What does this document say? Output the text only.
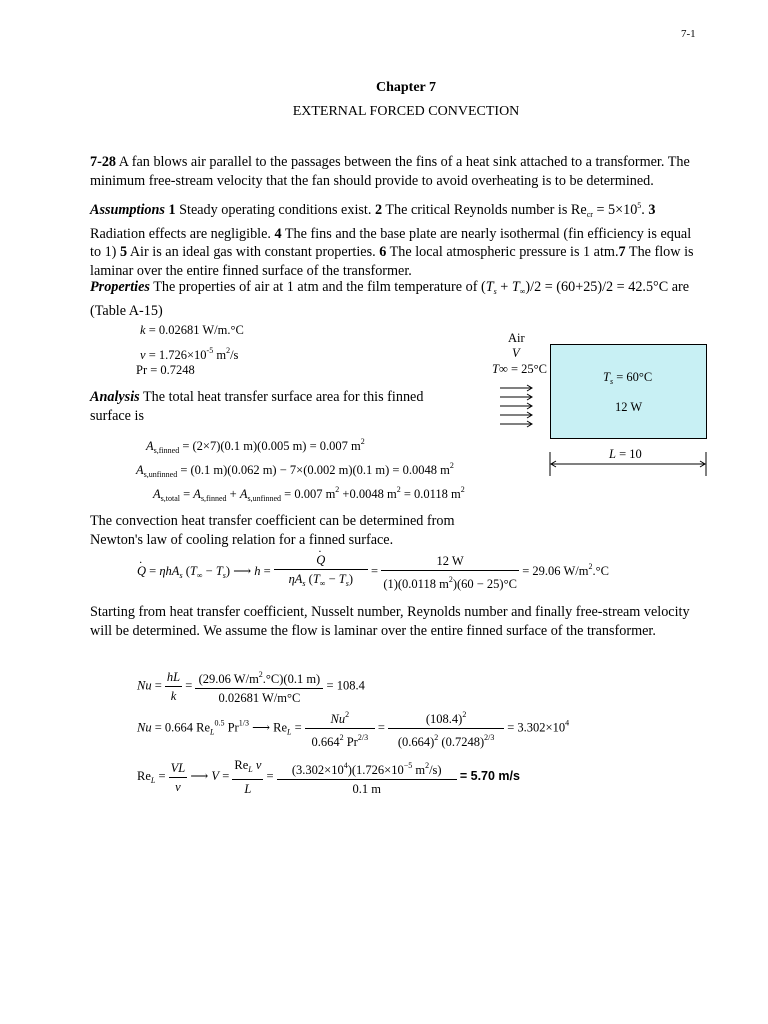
7-1
Chapter 7
EXTERNAL FORCED CONVECTION
7-28 A fan blows air parallel to the passages between the fins of a heat sink attached to a transformer. The minimum free-stream velocity that the fan should provide to avoid overheating is to be determined.
Assumptions 1 Steady operating conditions exist. 2 The critical Reynolds number is $Re_{cr} = 5\times 10^5$. 3 Radiation effects are negligible. 4 The fins and the base plate are nearly isothermal (fin efficiency is equal to 1) 5 Air is an ideal gas with constant properties. 6 The local atmospheric pressure is 1 atm.7 The flow is laminar over the entire finned surface of the transformer.
Properties The properties of air at 1 atm and the film temperature of $(T_s + T_\infty)/2 = (60+25)/2 = 42.5^\circ C$ are (Table A-15)
k = 0.02681 W/m.°C
$\nu = 1.726\times 10^{-5}$ $m^2/s$
Pr = 0.7248
Air
V
T∞ = 25°C
$T_s = 60^\circ C$
12 W
L = 10
Analysis The total heat transfer surface area for this finned surface is
$A_{s,finned} = (2\times 7)(0.1$ m)(0.005 m) = 0.007 $m^2$
$A_{s,unfinned} = (0.1$ m)(0.062 m) − 7×(0.002 m)(0.1 m) = 0.0048 $m^2$
$A_{s,total} = A_{s,finned} + A_{s,unfinned} = 0.007$ $m^2 +0.0048$ $m^2 = 0.0118$ $m^2$
The convection heat transfer coefficient can be determined from Newton's law of cooling relation for a finned surface.
Q · = ηhA$_s$ $(T_\infty - T_s)$ ⟶ $h = \frac{Q \cdot}{\eta A_s (T_\infty - T_s)} = \frac{12 W}{(1)(0.0118 m^2)(60 - 25)^\circ C} = 29.06$ $W/m^2.^\circ C$
Starting from heat transfer coefficient, Nusselt number, Reynolds number and finally free-stream velocity will be determined. We assume the flow is laminar over the entire finned surface of the transformer.
$Nu = \frac{hL}{k} = \frac{(29.06 W/m^2.^\circ C)(0.1 m)}{0.02681 W/m^\circ C} = 108.4$
Nu = 0.664 $Re_L^{0.5}$ $Pr^{1/3}$ ⟶ $Re_L = \frac{Nu^2}{0.664^2 Pr^{2/3}} = \frac{(108.4)^2}{(0.664)^2 (0.7248)^{2/3}} = 3.302\times 10^4$
$Re_L = \frac{VL}{\nu}$ ⟶ $V = \frac{Re_L \nu}{L} = \frac{(3.302\times 10^4)(1.726\times 10^{-5} m^2/s)}{0.1 m} = 5.70$ m/s
